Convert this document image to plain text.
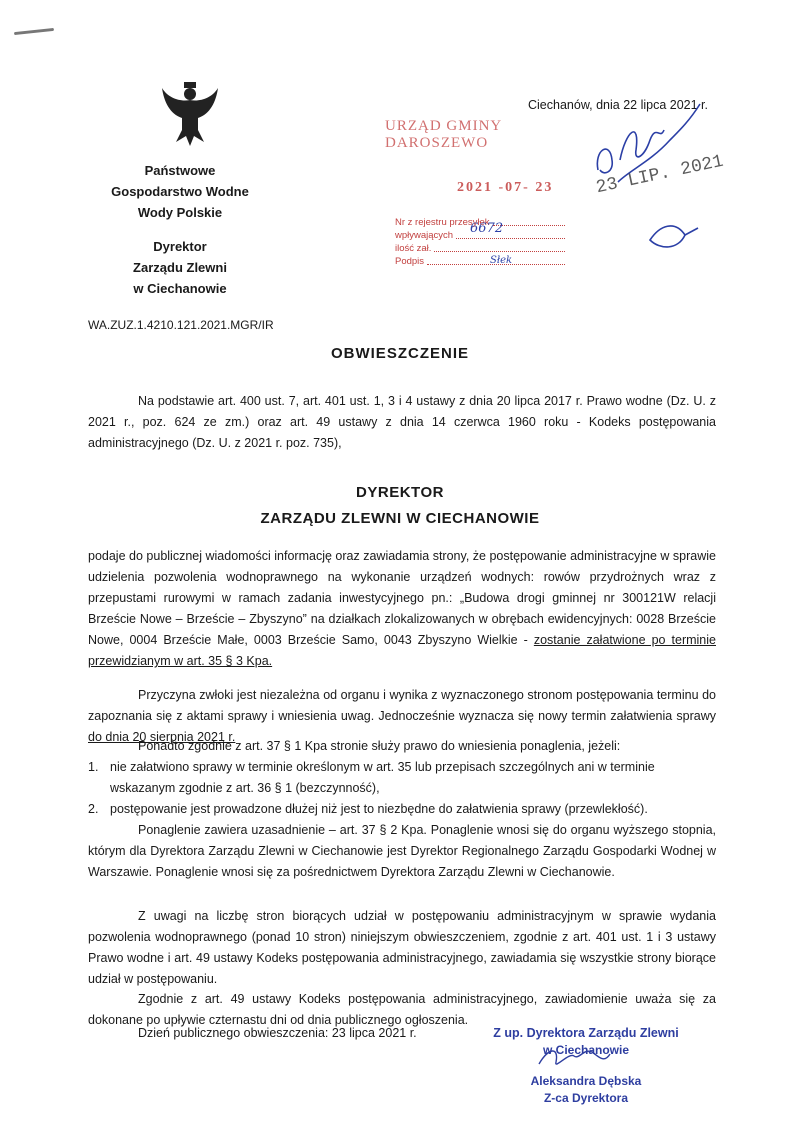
Państwowe
Gospodarstwo Wodne
Wody Polskie
Dyrektor
Zarządu Zlewni
w Ciechanowie
WA.ZUZ.1.4210.121.2021.MGR/IR
Ciechanów, dnia 22 lipca 2021 r.
URZĄD GMINY DAROSZEWO
2021 -07- 23
Nr z rejestru przesyłek
wpływających
ilość zał.
Podpis
6672
Słek
23 LIP. 2021
OBWIESZCZENIE
Na podstawie art. 400 ust. 7, art. 401 ust. 1, 3 i 4 ustawy z dnia 20 lipca 2017 r. Prawo wodne (Dz. U. z 2021 r., poz. 624 ze zm.) oraz art. 49 ustawy z dnia 14 czerwca 1960 roku - Kodeks postępowania administracyjnego (Dz. U. z 2021 r. poz. 735),
DYREKTOR
ZARZĄDU ZLEWNI W CIECHANOWIE
podaje do publicznej wiadomości informację oraz zawiadamia strony, że postępowanie administracyjne w sprawie udzielenia pozwolenia wodnoprawnego na wykonanie urządzeń wodnych: rowów przydrożnych wraz z przepustami rurowymi w ramach zadania inwestycyjnego pn.: „Budowa drogi gminnej nr 300121W relacji Brzeście Nowe – Brzeście – Zbyszyno” na działkach zlokalizowanych w obrębach ewidencyjnych: 0028 Brzeście Nowe, 0004 Brzeście Małe, 0003 Brzeście Samo, 0043 Zbyszyno Wielkie - zostanie załatwione po terminie przewidzianym w art. 35 § 3 Kpa.
Przyczyna zwłoki jest niezależna od organu i wynika z wyznaczonego stronom postępowania terminu do zapoznania się z aktami sprawy i wniesienia uwag. Jednocześnie wyznacza się nowy termin załatwienia sprawy do dnia 20 sierpnia 2021 r.
Ponadto zgodnie z art. 37 § 1 Kpa stronie służy prawo do wniesienia ponaglenia, jeżeli:
1. nie załatwiono sprawy w terminie określonym w art. 35 lub przepisach szczególnych ani w terminie wskazanym zgodnie z art. 36 § 1 (bezczynność),
2. postępowanie jest prowadzone dłużej niż jest to niezbędne do załatwienia sprawy (przewlekłość).
Ponaglenie zawiera uzasadnienie – art. 37 § 2 Kpa. Ponaglenie wnosi się do organu wyższego stopnia, którym dla Dyrektora Zarządu Zlewni w Ciechanowie jest Dyrektor Regionalnego Zarządu Gospodarki Wodnej w Warszawie. Ponaglenie wnosi się za pośrednictwem Dyrektora Zarządu Zlewni w Ciechanowie.
Z uwagi na liczbę stron biorących udział w postępowaniu administracyjnym w sprawie wydania pozwolenia wodnoprawnego (ponad 10 stron) niniejszym obwieszczeniem, zgodnie z art. 401 ust. 1 i 3 ustawy Prawo wodne i art. 49 ustawy Kodeks postępowania administracyjnego, zawiadamia się wszystkie strony biorące udział w postępowaniu.
Zgodnie z art. 49 ustawy Kodeks postępowania administracyjnego, zawiadomienie uważa się za dokonane po upływie czternastu dni od dnia publicznego ogłoszenia.
Dzień publicznego obwieszczenia: 23 lipca 2021 r.	Z up. Dyrektora Zarządu Zlewni
w Ciechanowie
Aleksandra Dębska
Z-ca Dyrektora
